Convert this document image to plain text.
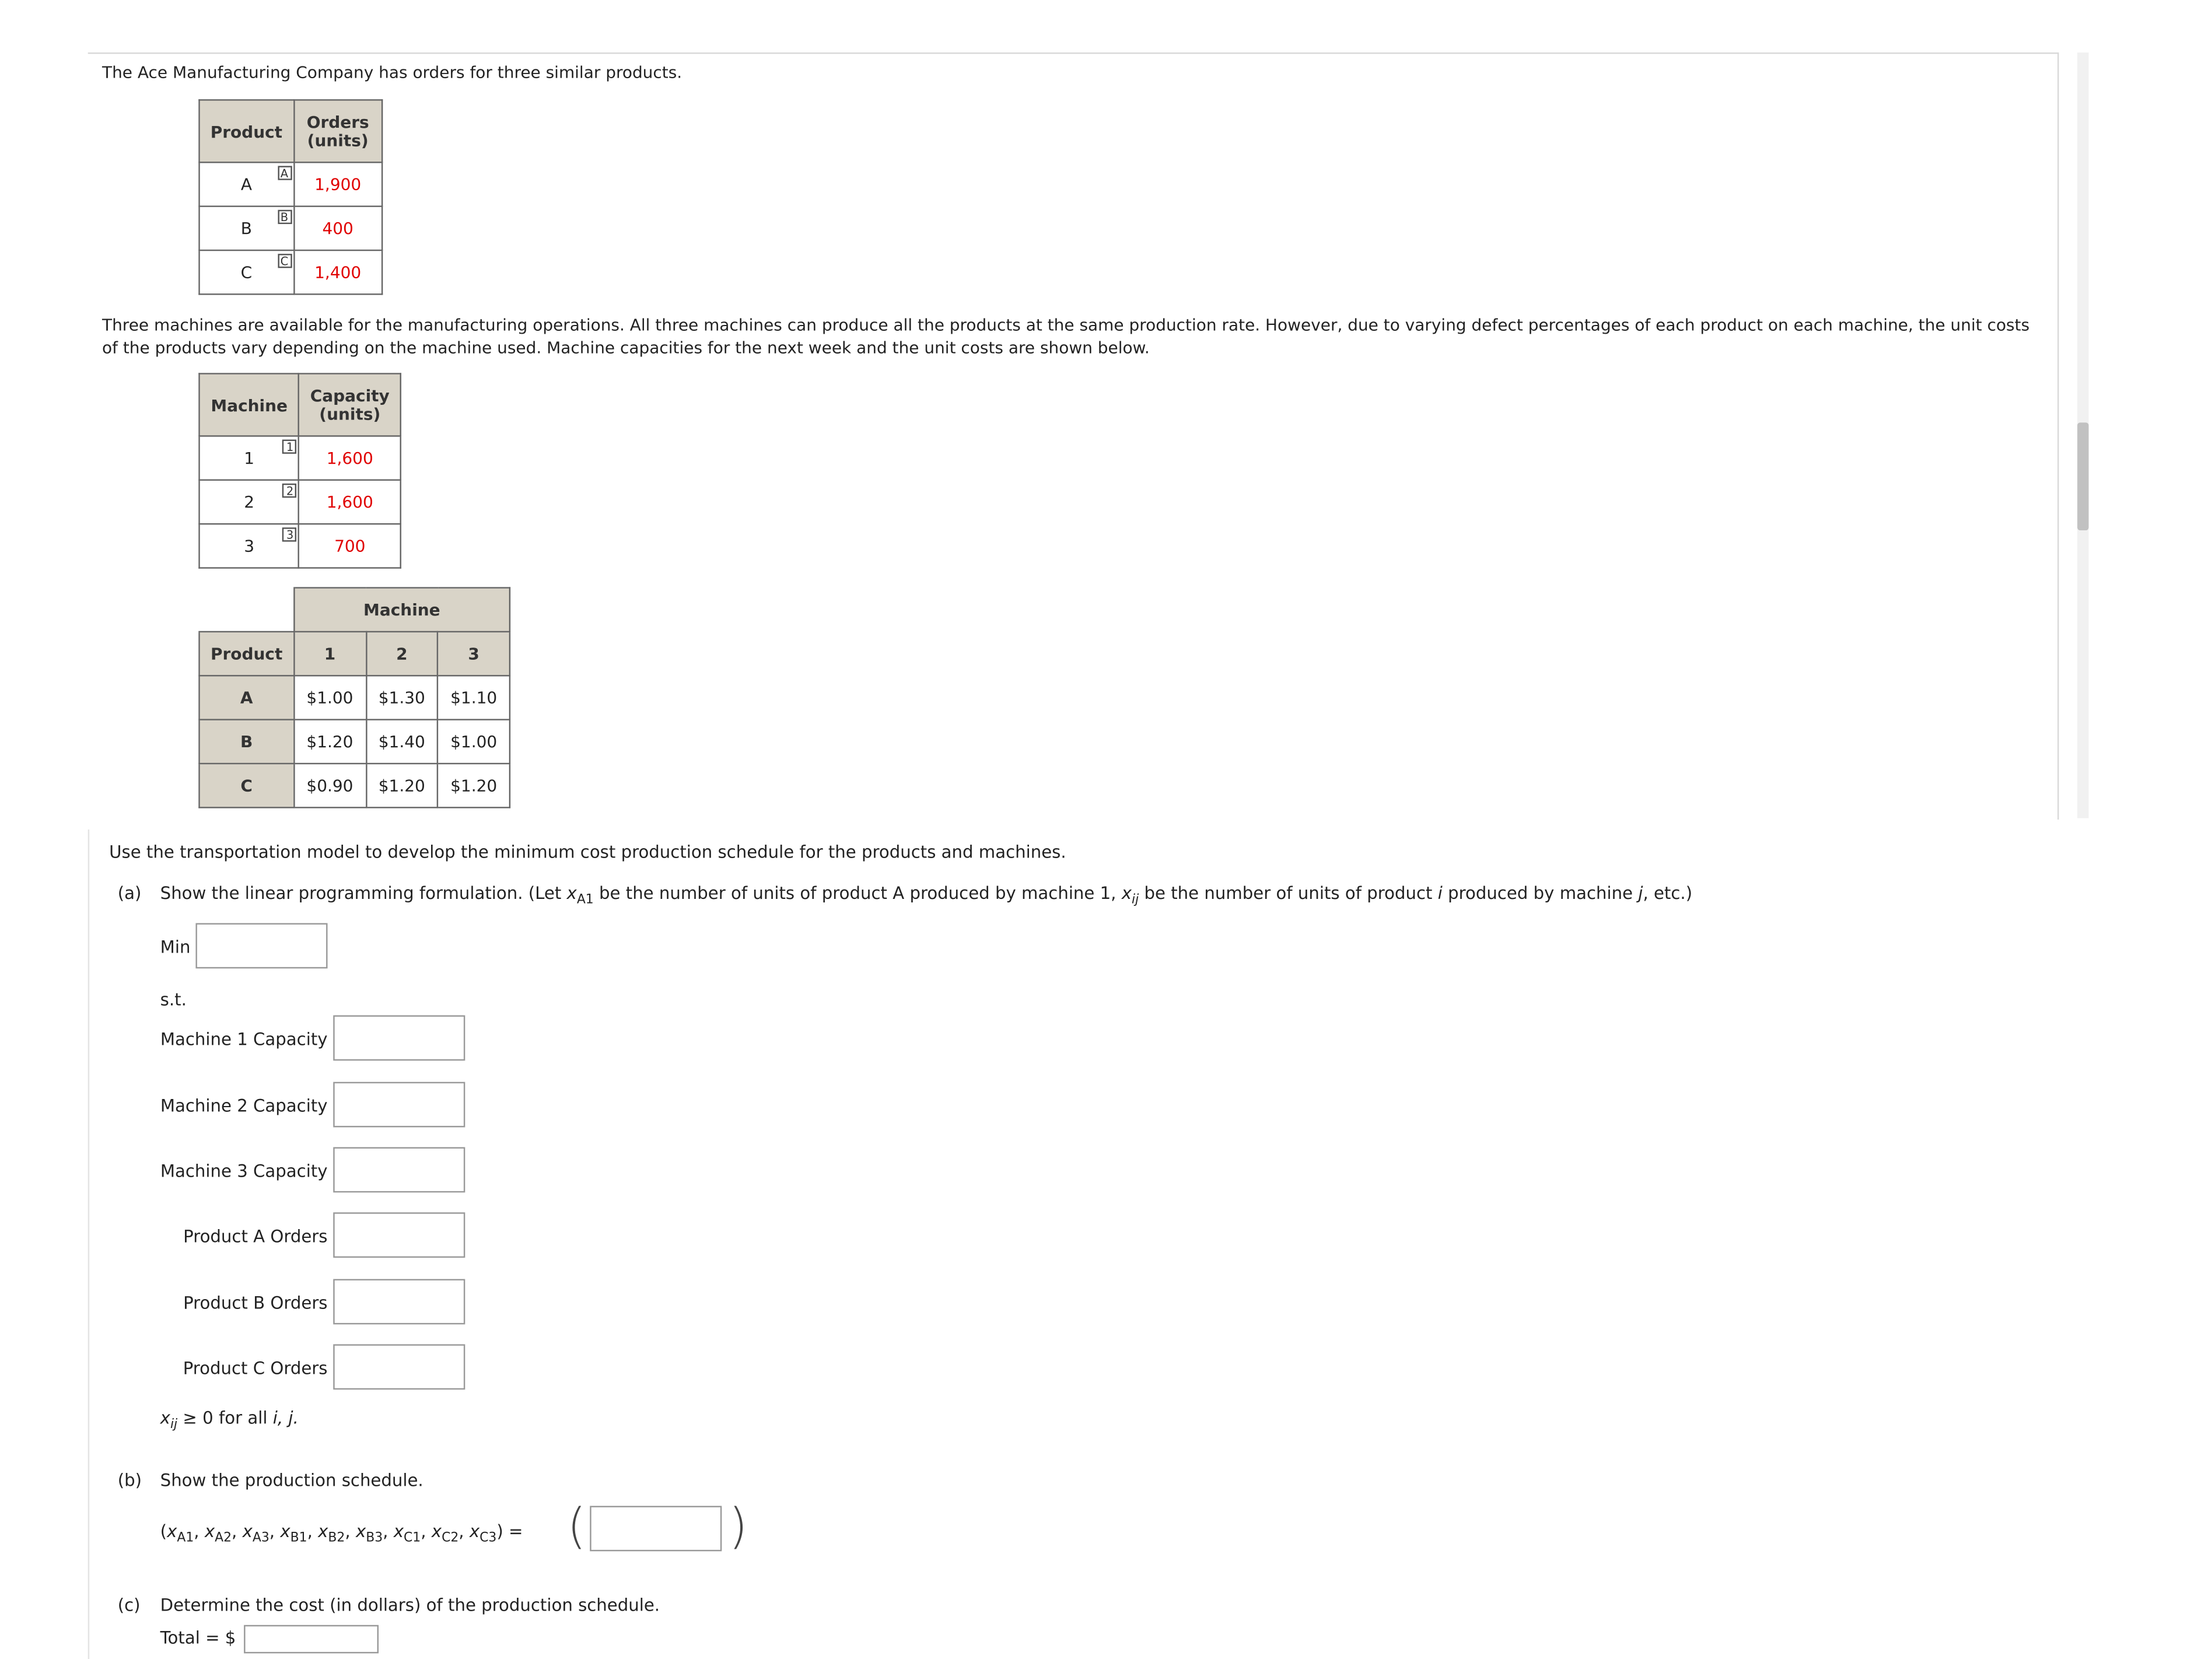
The Ace Manufacturing Company has orders for three similar products.
Product	Orders
(units)
A
A	1,900
B
B	400
C
C	1,400
Three machines are available for the manufacturing operations. All three machines can produce all the products at the same production rate. However, due to varying defect percentages of each product on each machine, the unit costs of the products vary depending on the machine used. Machine capacities for the next week and the unit costs are shown below.
Machine	Capacity
(units)
1
1	1,600
2
2	1,600
3
3	700
	Machine		
Product	1	2	3
A	$1.00	$1.30	$1.10
B	$1.20	$1.40	$1.00
C	$0.90	$1.20	$1.20
Use the transportation model to develop the minimum cost production schedule for the products and machines.
(a)	Show the linear programming formulation. (Let $x_{A1}$ be the number of units of product A produced by machine 1, $x_{ij}$ be the number of units of product i produced by machine j, etc.)
Min
s.t.
Machine 1 Capacity
Machine 2 Capacity
Machine 3 Capacity
Product A Orders
Product B Orders
Product C Orders
$x_{ij} \ge 0$ for all i, j.
(b)	Show the production schedule.
($x_{A1}$, $x_{A2}$, $x_{A3}$, $x_{B1}$, $x_{B2}$, $x_{B3}$, $x_{C1}$, $x_{C2}$, $x_{C3}$) = (	)
(c)	Determine the cost (in dollars) of the production schedule.
Total = $
